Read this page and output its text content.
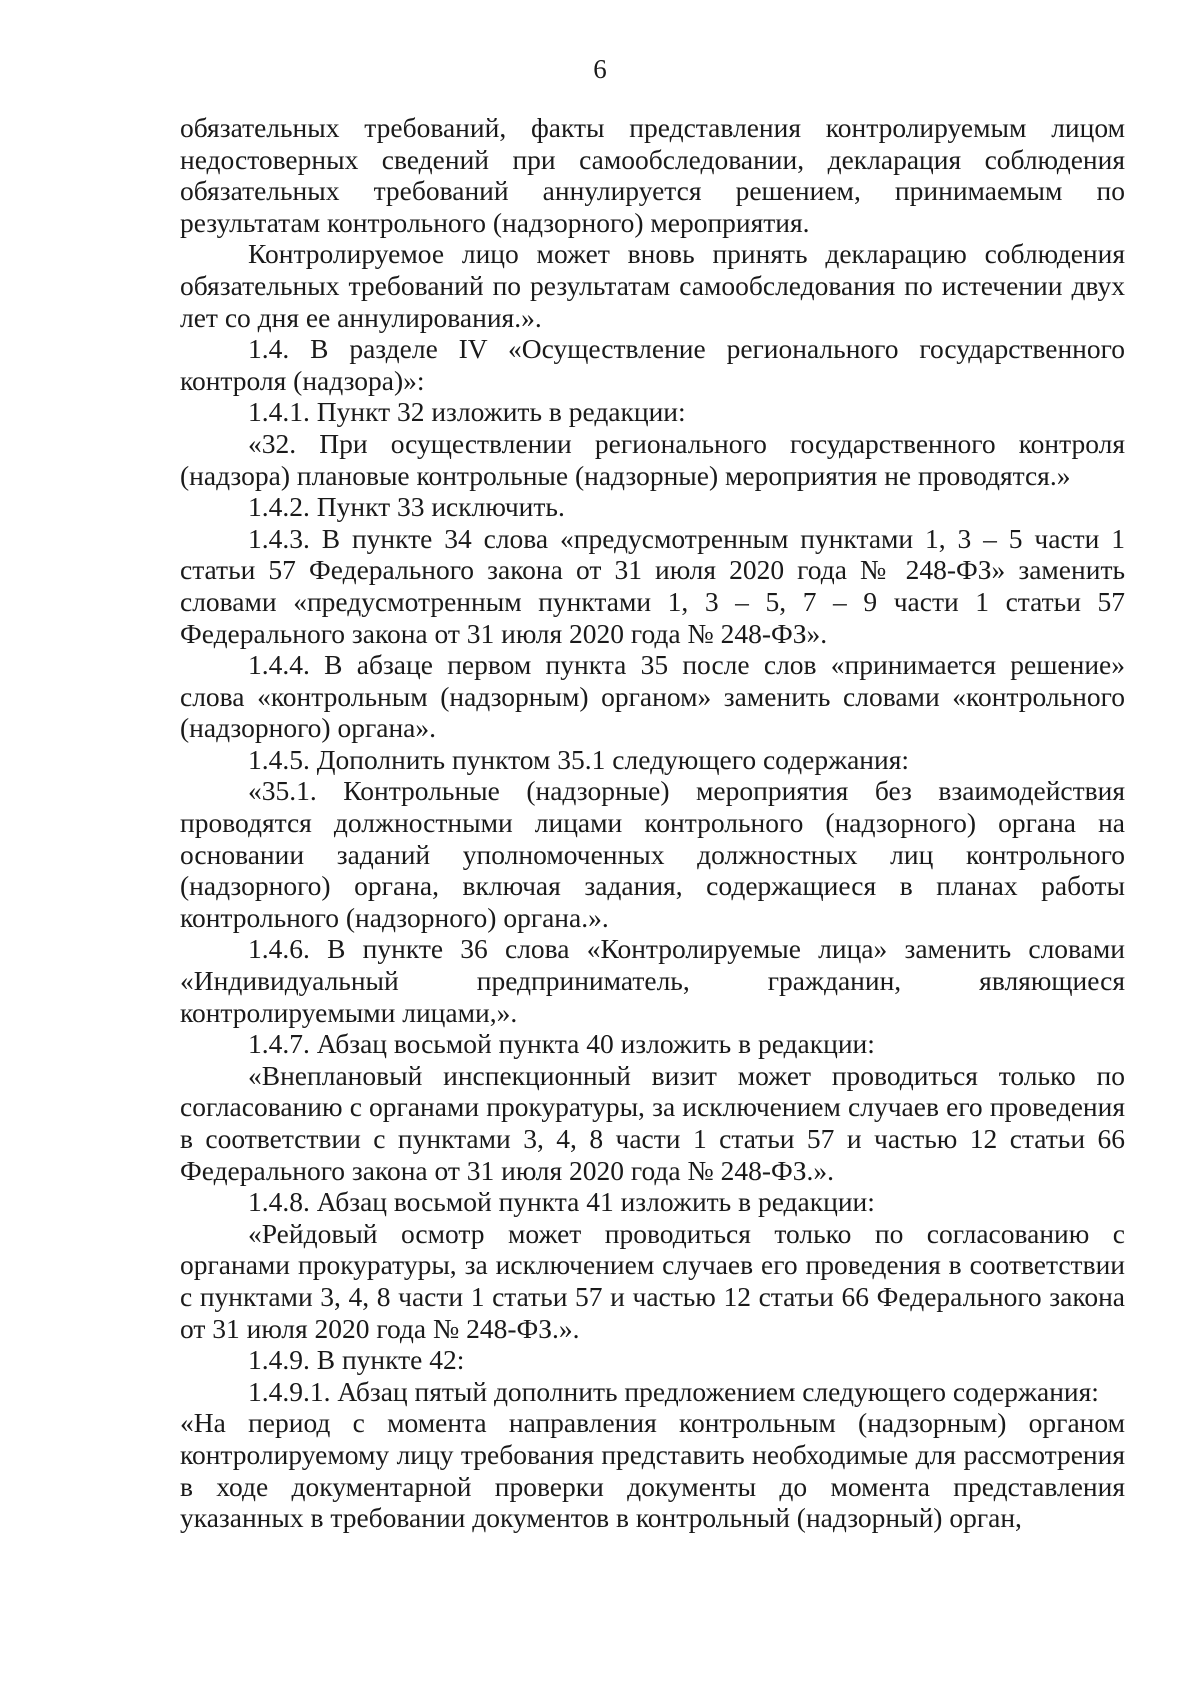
6

обязательных требований, факты представления контролируемым лицом недостоверных сведений при самообследовании, декларация соблюдения обязательных требований аннулируется решением, принимаемым по результатам контрольного (надзорного) мероприятия.

Контролируемое лицо может вновь принять декларацию соблюдения обязательных требований по результатам самообследования по истечении двух лет со дня ее аннулирования.».

1.4. В разделе IV «Осуществление регионального государственного контроля (надзора)»:

1.4.1. Пункт 32 изложить в редакции:

«32. При осуществлении регионального государственного контроля (надзора) плановые контрольные (надзорные) мероприятия не проводятся.»

1.4.2. Пункт 33 исключить.

1.4.3. В пункте 34 слова «предусмотренным пунктами 1, 3 – 5 части 1 статьи 57 Федерального закона от 31 июля 2020 года № 248-ФЗ» заменить словами «предусмотренным пунктами 1, 3 – 5, 7 – 9 части 1 статьи 57 Федерального закона от 31 июля 2020 года № 248-ФЗ».

1.4.4. В абзаце первом пункта 35 после слов «принимается решение» слова «контрольным (надзорным) органом» заменить словами «контрольного (надзорного) органа».

1.4.5. Дополнить пунктом 35.1 следующего содержания:

«35.1. Контрольные (надзорные) мероприятия без взаимодействия проводятся должностными лицами контрольного (надзорного) органа на основании заданий уполномоченных должностных лиц контрольного (надзорного) органа, включая задания, содержащиеся в планах работы контрольного (надзорного) органа.».

1.4.6. В пункте 36 слова «Контролируемые лица» заменить словами «Индивидуальный предприниматель, гражданин, являющиеся контролируемыми лицами,».

1.4.7. Абзац восьмой пункта 40 изложить в редакции:

«Внеплановый инспекционный визит может проводиться только по согласованию с органами прокуратуры, за исключением случаев его проведения в соответствии с пунктами 3, 4, 8 части 1 статьи 57 и частью 12 статьи 66 Федерального закона от 31 июля 2020 года № 248-ФЗ.».

1.4.8. Абзац восьмой пункта 41 изложить в редакции:

«Рейдовый осмотр может проводиться только по согласованию с органами прокуратуры, за исключением случаев его проведения в соответствии с пунктами 3, 4, 8 части 1 статьи 57 и частью 12 статьи 66 Федерального закона от 31 июля 2020 года № 248-ФЗ.».

1.4.9. В пункте 42:

1.4.9.1. Абзац пятый дополнить предложением следующего содержания:

«На период с момента направления контрольным (надзорным) органом контролируемому лицу требования представить необходимые для рассмотрения в ходе документарной проверки документы до момента представления указанных в требовании документов в контрольный (надзорный) орган,
